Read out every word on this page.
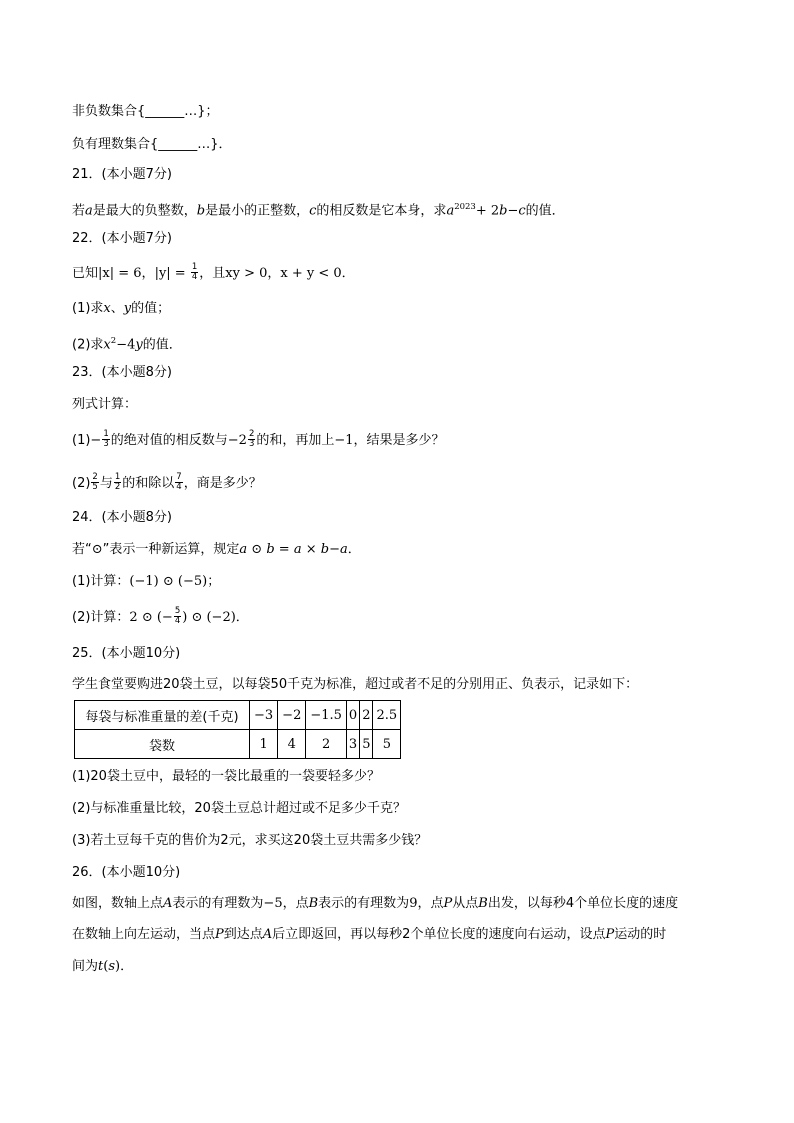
非负数集合{______…}；
负有理数集合{______…}．
21．(本小题7分)
若a是最大的负整数，b是最小的正整数，c的相反数是它本身，求$a^{2023}+ 2b-c$的值．
22．(本小题7分)
已知|x| = 6，$|y| = \frac{1}{4}$ ，且xy > 0，x + y < 0．
(1)求x、y的值；
(2)求$x^2-4y$的值．
23．(本小题8分)
列式计算：
$(1)- \frac{1}{3}$ 的绝对值的相反数与$-2 \frac{2}{3}$ 的和，再加上−1，结果是多少？
$(2) \frac{2}{5}$ 与 $\frac{1}{2}$ 的和除以 $\frac{7}{4}$ ，商是多少？
24．(本小题8分)
若“⊙”表示一种新运算，规定a ⊙ b = a × b−a．
(1)计算：(−1) ⊙ (−5)；
(2)计算：2 ⊙ (− $\frac{5}{4}$ ) ⊙ (−2)．
25．(本小题10分)
学生食堂要购进20袋土豆，以每袋50千克为标准，超过或者不足的分别用正、负表示，记录如下：
每袋与标准重量的差(千克)	−3	−2	−1.5	0	2	2.5
袋数	1	4	2	3	5	5
(1)20袋土豆中，最轻的一袋比最重的一袋要轻多少？
(2)与标准重量比较，20袋土豆总计超过或不足多少千克？
(3)若土豆每千克的售价为2元，求买这20袋土豆共需多少钱？
26．(本小题10分)
如图，数轴上点A表示的有理数为−5，点B表示的有理数为9，点P从点B出发，以每秒4个单位长度的速度
在数轴上向左运动，当点P到达点A后立即返回，再以每秒2个单位长度的速度向右运动，设点P运动的时
间为t(s)．
